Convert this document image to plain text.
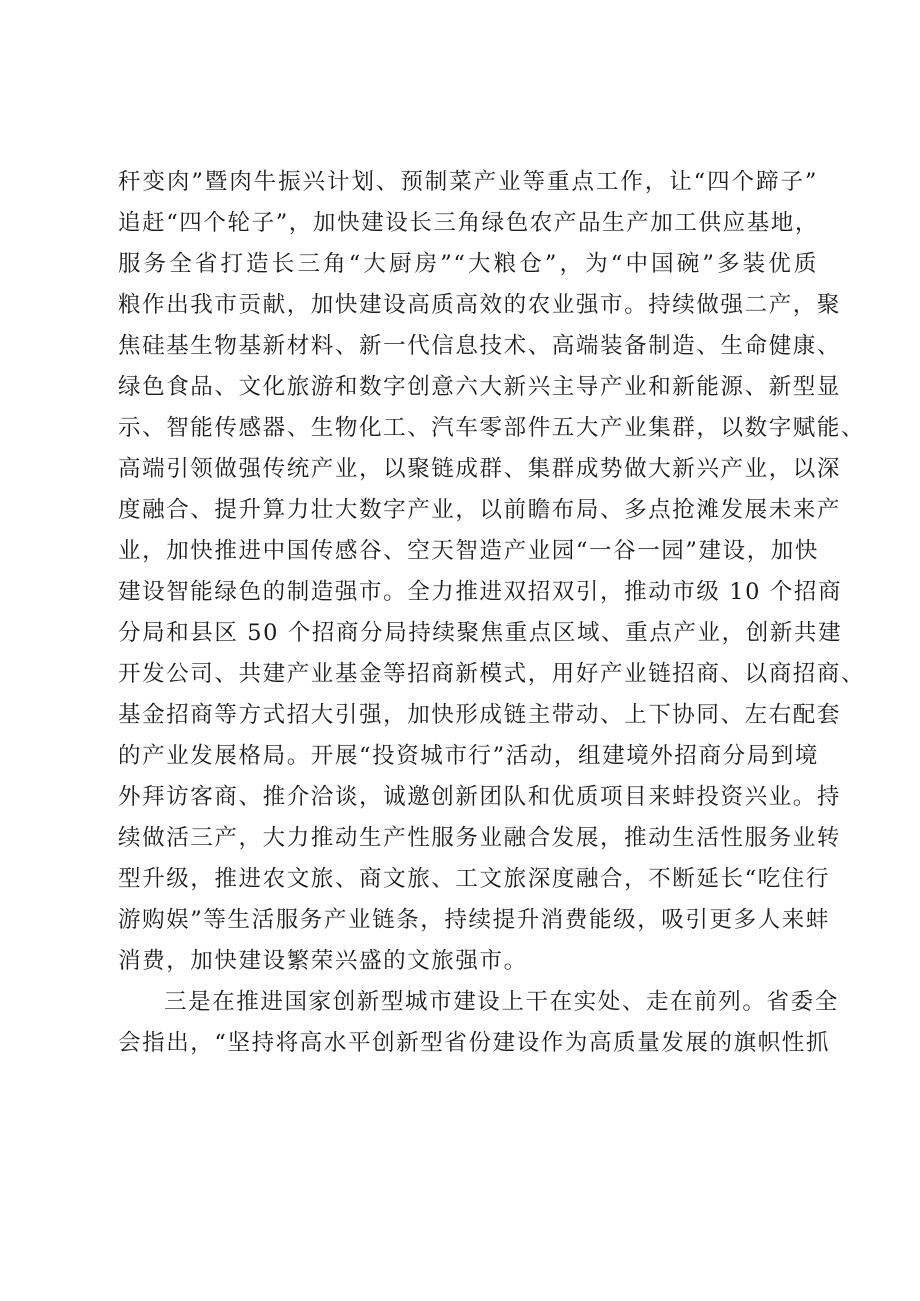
秆变肉”暨肉牛振兴计划、预制菜产业等重点工作，让“四个蹄子”
追赶“四个轮子”，加快建设长三角绿色农产品生产加工供应基地，
服务全省打造长三角“大厨房”“大粮仓”，为“中国碗”多装优质
粮作出我市贡献，加快建设高质高效的农业强市。持续做强二产，聚
焦硅基生物基新材料、新一代信息技术、高端装备制造、生命健康、
绿色食品、文化旅游和数字创意六大新兴主导产业和新能源、新型显
示、智能传感器、生物化工、汽车零部件五大产业集群，以数字赋能、
高端引领做强传统产业，以聚链成群、集群成势做大新兴产业，以深
度融合、提升算力壮大数字产业，以前瞻布局、多点抢滩发展未来产
业，加快推进中国传感谷、空天智造产业园“一谷一园”建设，加快
建设智能绿色的制造强市。全力推进双招双引，推动市级 10 个招商
分局和县区 50 个招商分局持续聚焦重点区域、重点产业，创新共建
开发公司、共建产业基金等招商新模式，用好产业链招商、以商招商、
基金招商等方式招大引强，加快形成链主带动、上下协同、左右配套
的产业发展格局。开展“投资城市行”活动，组建境外招商分局到境
外拜访客商、推介洽谈，诚邀创新团队和优质项目来蚌投资兴业。持
续做活三产，大力推动生产性服务业融合发展，推动生活性服务业转
型升级，推进农文旅、商文旅、工文旅深度融合，不断延长“吃住行
游购娱”等生活服务产业链条，持续提升消费能级，吸引更多人来蚌
消费，加快建设繁荣兴盛的文旅强市。
三是在推进国家创新型城市建设上干在实处、走在前列。省委全
会指出，“坚持将高水平创新型省份建设作为高质量发展的旗帜性抓
